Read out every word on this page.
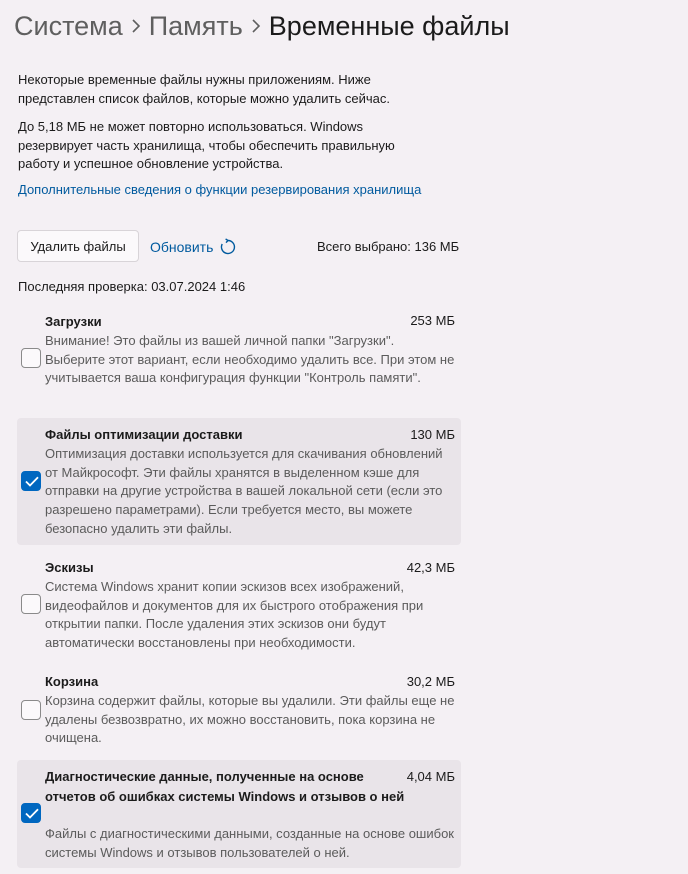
Система Память Временные файлы
Некоторые временные файлы нужны приложениям. Ниже представлен список файлов, которые можно удалить сейчас.
До 5,18 МБ не может повторно использоваться. Windows резервирует часть хранилища, чтобы обеспечить правильную работу и успешное обновление устройства.
Дополнительные сведения о функции резервирования хранилища
Удалить файлы	Обновить	Всего выбрано: 136 МБ
Последняя проверка: 03.07.2024 1:46
Загрузки	253 МБ
Внимание! Это файлы из вашей личной папки "Загрузки". Выберите этот вариант, если необходимо удалить все. При этом не учитывается ваша конфигурация функции "Контроль памяти".
Файлы оптимизации доставки	130 МБ
Оптимизация доставки используется для скачивания обновлений от Майкрософт. Эти файлы хранятся в выделенном кэше для отправки на другие устройства в вашей локальной сети (если это разрешено параметрами). Если требуется место, вы можете безопасно удалить эти файлы.
Эскизы	42,3 МБ
Система Windows хранит копии эскизов всех изображений, видеофайлов и документов для их быстрого отображения при открытии папки. После удаления этих эскизов они будут автоматически восстановлены при необходимости.
Корзина	30,2 МБ
Корзина содержит файлы, которые вы удалили. Эти файлы еще не удалены безвозвратно, их можно восстановить, пока корзина не очищена.
Диагностические данные, полученные на основе отчетов об ошибках системы Windows и отзывов о ней
4,04 МБ
Файлы с диагностическими данными, созданные на основе ошибок системы Windows и отзывов пользователей о ней.
